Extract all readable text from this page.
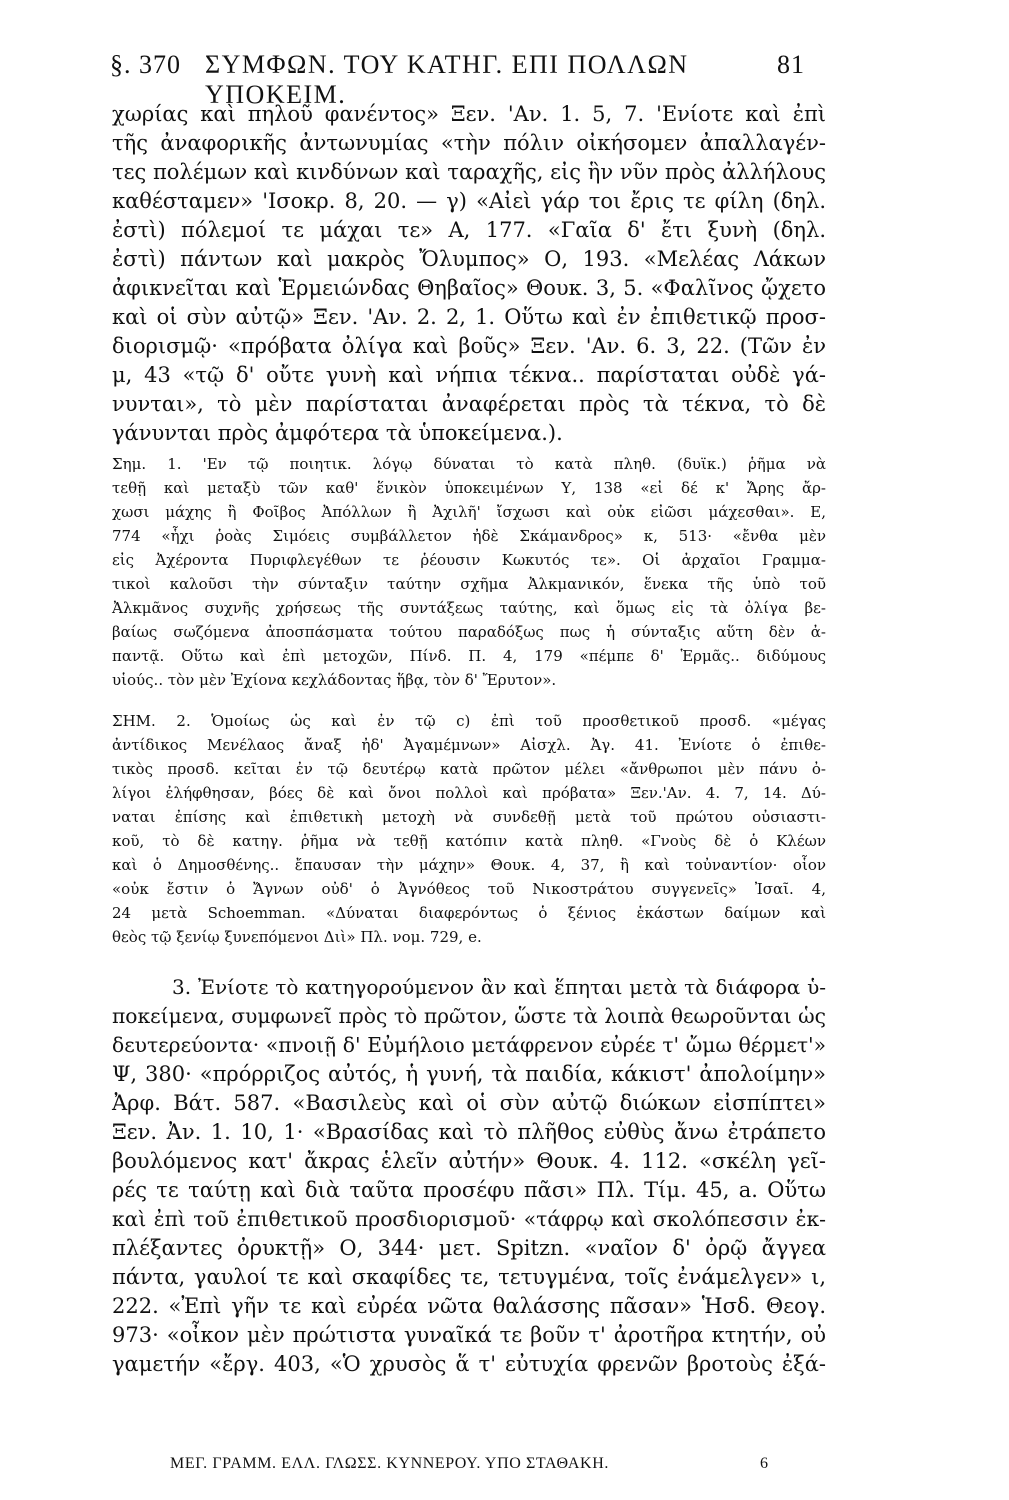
§. 370 ΣΥΜΦΩΝ. ΤΟΥ ΚΑΤΗΓ. ΕΠΙ ΠΟΛΛΩΝ ΥΠΟΚΕΙΜ.
81
χωρίας καὶ πηλοῦ φανέντος» Ξεν. 'Αν. 1. 5, 7. 'Ενίοτε καὶ ἐπὶ
τῆς ἀναφορικῆς ἀντωνυμίας «τὴν πόλιν οἰκήσομεν ἀπαλλαγέν-
τες πολέμων καὶ κινδύνων καὶ ταραχῆς, εἰς ἣν νῦν πρὸς ἀλλήλους
καθέσταμεν» 'Ισοκρ. 8, 20. — γ) «Αἰεὶ γάρ τοι ἔρις τε φίλη (δηλ.
ἐστὶ) πόλεμοί τε μάχαι τε» Α, 177. «Γαῖα δ' ἔτι ξυνὴ (δηλ.
ἐστὶ) πάντων καὶ μακρὸς Ὄλυμπος» Ο, 193. «Μελέας Λάκων
ἀφικνεῖται καὶ Ἑρμειώνδας Θηβαῖος» Θουκ. 3, 5. «Φαλῖνος ᾤχετο
καὶ οἱ σὺν αὐτῷ» Ξεν. 'Αν. 2. 2, 1. Οὕτω καὶ ἐν ἐπιθετικῷ προσ-
διορισμῷ· «πρόβατα ὀλίγα καὶ βοῦς» Ξεν. 'Αν. 6. 3, 22. (Τῶν ἐν
μ, 43 «τῷ δ' οὔτε γυνὴ καὶ νήπια τέκνα.. παρίσταται οὐδὲ γά-
νυνται», τὸ μὲν παρίσταται ἀναφέρεται πρὸς τὰ τέκνα, τὸ δὲ
γάνυνται πρὸς ἀμφότερα τὰ ὑποκείμενα.).
Σημ. 1. 'Εν τῷ ποιητικ. λόγῳ δύναται τὸ κατὰ πληθ. (δυϊκ.) ῥῆμα νὰ
τεθῇ καὶ μεταξὺ τῶν καθ' ἕνικὸν ὑποκειμένων Υ, 138 «εἰ δέ κ' Ἄρης ἄρ-
χωσι μάχης ἢ Φοῖβος Ἀπόλλων ἢ Ἀχιλῆ' ἴσχωσι καὶ οὐκ εἰῶσι μάχεσθαι». Ε,
774 «ἧχι ῥοὰς Σιμόεις συμβάλλετον ἠδὲ Σκάμανδρος» κ, 513· «ἔνθα μὲν
εἰς Ἀχέροντα Πυριφλεγέθων τε ῥέουσιν Κωκυτός τε». Οἱ ἀρχαῖοι Γραμμα-
τικοὶ καλοῦσι τὴν σύνταξιν ταύτην σχῆμα Ἀλκμανικόν, ἕνεκα τῆς ὑπὸ τοῦ
Ἀλκμᾶνος συχνῆς χρήσεως τῆς συντάξεως ταύτης, καὶ ὅμως εἰς τὰ ὀλίγα βε-
βαίως σωζόμενα ἀποσπάσματα τούτου παραδόξως πως ἡ σύνταξις αὕτη δὲν ἀ-
παντᾷ. Οὕτω καὶ ἐπὶ μετοχῶν, Πίνδ. Π. 4, 179 «πέμπε δ' Ἑρμᾶς.. διδύμους
υἱούς.. τὸν μὲν Ἐχίονα κεχλάδοντας ἥβᾳ, τὸν δ' Ἔρυτον».
ΣΗΜ. 2. Ὁμοίως ὡς καὶ ἐν τῷ c) ἐπὶ τοῦ προσθετικοῦ προσδ. «μέγας
ἀντίδικος Μενέλαος ἄναξ ἠδ' Ἀγαμέμνων» Αἰσχλ. Ἀγ. 41. Ἐνίοτε ὁ ἐπιθε-
τικὸς προσδ. κεῖται ἐν τῷ δευτέρῳ κατὰ πρῶτον μέλει «ἄνθρωποι μὲν πάνυ ὀ-
λίγοι ἐλήφθησαν, βόες δὲ καὶ ὄνοι πολλοὶ καὶ πρόβατα» Ξεν.'Αν. 4. 7, 14. Δύ-
ναται ἐπίσης καὶ ἐπιθετικὴ μετοχὴ νὰ συνδεθῇ μετὰ τοῦ πρώτου οὐσιαστι-
κοῦ, τὸ δὲ κατηγ. ῥῆμα νὰ τεθῇ κατόπιν κατὰ πληθ. «Γνοὺς δὲ ὁ Κλέων
καὶ ὁ Δημοσθένης.. ἔπαυσαν τὴν μάχην» Θουκ. 4, 37, ἢ καὶ τοὐναντίον· οἷον
«οὐκ ἔστιν ὁ Ἄγνων οὐδ' ὁ Ἀγνόθεος τοῦ Νικοστράτου συγγενεῖς» Ἰσαῖ. 4,
24 μετὰ Schoemman. «Δύναται διαφερόντως ὁ ξένιος ἑκάστων δαίμων καὶ
θεὸς τῷ ξενίῳ ξυνεπόμενοι Διὶ» Πλ. νομ. 729, e.
3. Ἐνίοτε τὸ κατηγορούμενον ἂν καὶ ἕπηται μετὰ τὰ διάφορα ὑ-
ποκείμενα, συμφωνεῖ πρὸς τὸ πρῶτον, ὥστε τὰ λοιπὰ θεωροῦνται ὡς
δευτερεύοντα· «πνοιῇ δ' Εὐμήλοιο μετάφρενον εὐρέε τ' ὤμω θέρμετ'»
Ψ, 380· «πρόρριζος αὐτός, ἡ γυνή, τὰ παιδία, κάκιστ' ἀπολοίμην»
Ἀρφ. Βάτ. 587. «Βασιλεὺς καὶ οἱ σὺν αὐτῷ διώκων εἰσπίπτει»
Ξεν. Ἀν. 1. 10, 1· «Βρασίδας καὶ τὸ πλῆθος εὐθὺς ἄνω ἐτράπετο
βουλόμενος κατ' ἄκρας ἑλεῖν αὐτήν» Θουκ. 4. 112. «σκέλη γεῖ-
ρές τε ταύτῃ καὶ διὰ ταῦτα προσέφυ πᾶσι» Πλ. Τίμ. 45, a. Οὕτω
καὶ ἐπὶ τοῦ ἐπιθετικοῦ προσδιορισμοῦ· «τάφρῳ καὶ σκολόπεσσιν ἐκ-
πλέξαντες ὀρυκτῇ» Ο, 344· μετ. Spitzn. «ναῖον δ' ὀρῷ ἄγγεα
πάντα, γαυλοί τε καὶ σκαφίδες τε, τετυγμένα, τοῖς ἐνάμελγεν» ι,
222. «Ἐπὶ γῆν τε καὶ εὐρέα νῶτα θαλάσσης πᾶσαν» Ἡσδ. Θεογ.
973· «οἶκον μὲν πρώτιστα γυναῖκά τε βοῦν τ' ἀροτῆρα κτητήν, οὐ
γαμετήν «ἔργ. 403, «Ὁ χρυσὸς ἅ τ' εὐτυχία φρενῶν βροτοὺς ἐξά-
ΜΕΓ. ΓΡΑΜΜ. ΕΛΛ. ΓΛΩΣΣ. ΚΥΝΝΕΡΟΥ. ΥΠΟ ΣΤΑΘΑΚΗ.	6
